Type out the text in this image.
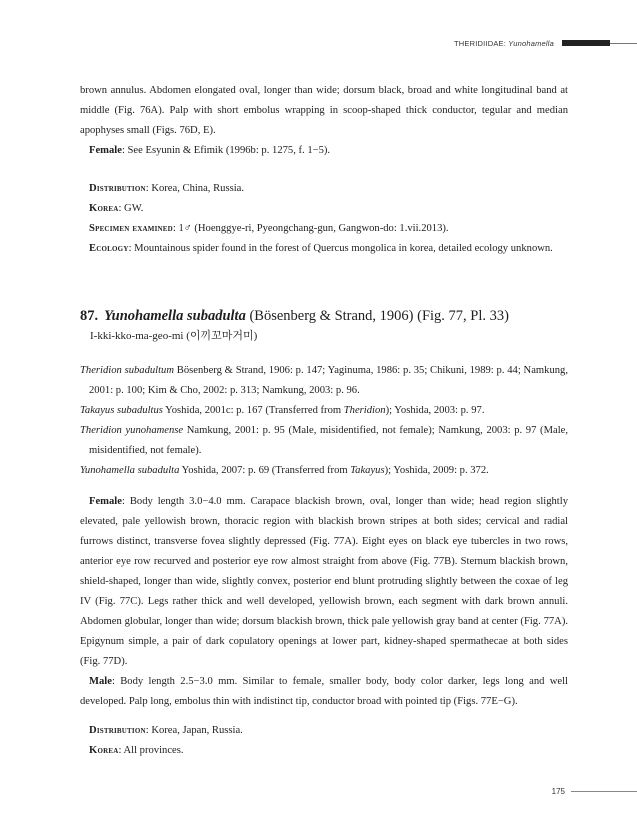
THERIDIIDAE: Yunohamella

brown annulus. Abdomen elongated oval, longer than wide; dorsum black, broad and white longitudinal band at middle (Fig. 76A). Palp with short embolus wrapping in scoop-shaped thick conductor, tegular and median apophyses small (Figs. 76D, E).

Female: See Esyunin & Efimik (1996b: p. 1275, f. 1−5).

Distribution: Korea, China, Russia.

Korea: GW.

Specimen examined: 1♂ (Hoenggye-ri, Pyeongchang-gun, Gangwon-do: 1.vii.2013).

Ecology: Mountainous spider found in the forest of Quercus mongolica in korea, detailed ecology unknown.

87. Yunohamella subadulta (Bösenberg & Strand, 1906) (Fig. 77, Pl. 33)
I-kki-kko-ma-geo-mi (이끼꼬마거미)

Theridion subadultum Bösenberg & Strand, 1906: p. 147; Yaginuma, 1986: p. 35; Chikuni, 1989: p. 44; Namkung, 2001: p. 100; Kim & Cho, 2002: p. 313; Namkung, 2003: p. 96.

Takayus subadultus Yoshida, 2001c: p. 167 (Transferred from Theridion); Yoshida, 2003: p. 97.

Theridion yunohamense Namkung, 2001: p. 95 (Male, misidentified, not female); Namkung, 2003: p. 97 (Male, misidentified, not female).

Yunohamella subadulta Yoshida, 2007: p. 69 (Transferred from Takayus); Yoshida, 2009: p. 372.

Female: Body length 3.0−4.0 mm. Carapace blackish brown, oval, longer than wide; head region slightly elevated, pale yellowish brown, thoracic region with blackish brown stripes at both sides; cervical and radial furrows distinct, transverse fovea slightly depressed (Fig. 77A). Eight eyes on black eye tubercles in two rows, anterior eye row recurved and posterior eye row almost straight from above (Fig. 77B). Sternum blackish brown, shield-shaped, longer than wide, slightly convex, posterior end blunt protruding slightly between the coxae of leg IV (Fig. 77C). Legs rather thick and well developed, yellowish brown, each segment with dark brown annuli. Abdomen globular, longer than wide; dorsum blackish brown, thick pale yellowish gray band at center (Fig. 77A). Epigynum simple, a pair of dark copulatory openings at lower part, kidney-shaped spermathecae at both sides (Fig. 77D).

Male: Body length 2.5−3.0 mm. Similar to female, smaller body, body color darker, legs long and well developed. Palp long, embolus thin with indistinct tip, conductor broad with pointed tip (Figs. 77E−G).

Distribution: Korea, Japan, Russia.

Korea: All provinces.

175
